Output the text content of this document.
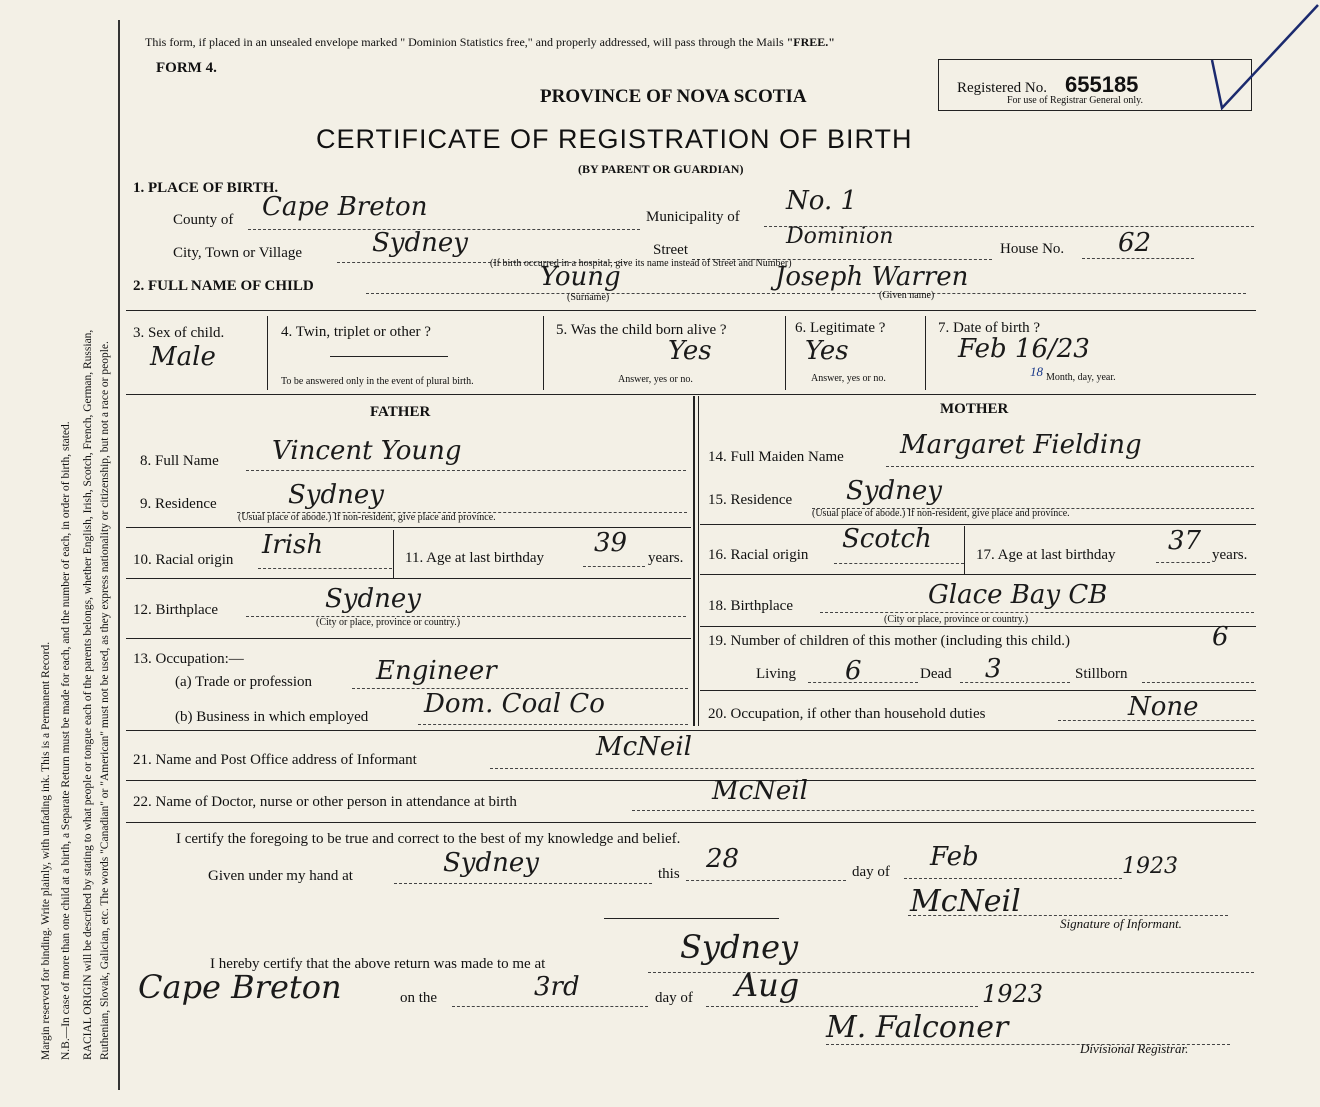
Margin reserved for binding. Write plainly, with unfading ink. This is a Permanent Record. N.B.—In case of more than one child at a birth, a Separate Return must be made for each, and the number of each, in order of birth, stated. RACIAL ORIGIN will be described by stating to what people or tongue each of the parents belongs, whether English, Irish, Scotch, French, German, Russian, Ruthenian, Slovak, Galician, etc. The words "Canadian" or "American" must not be used, as they express nationality or citizenship, but not a race or people.
This form, if placed in an unsealed envelope marked " Dominion Statistics free," and properly addressed, will pass through the Mails "FREE."
FORM 4.
PROVINCE OF NOVA SCOTIA
CERTIFICATE OF REGISTRATION OF BIRTH
(BY PARENT OR GUARDIAN)
Registered No. 655185
For use of Registrar General only.
1. PLACE OF BIRTH.
County of Cape Breton	Municipality of
No. 1
City, Town or Village	Sydney	Street
Dominion	House No. 62
(If birth occurred in a hospital, give its name instead of Street and Number)
2. FULL NAME OF CHILD	Young	Joseph Warren
(Surname)	(Given name)
3. Sex of child.
Male
4. Twin, triplet or other ?
To be answered only in the event of plural birth.
5. Was the child born alive ?
Yes
Answer, yes or no.
6. Legitimate ?
Yes
Answer, yes or no.
7. Date of birth ?
Feb 16/23
18 Month, day, year.
FATHER
8. Full Name Vincent Young
9. Residence	Sydney
(Usual place of abode.) If non-resident, give place and province.
10. Racial origin Irish	11. Age at last birthday 39 years.
12. Birthplace	Sydney
(City or place, province or country.)
13. Occupation:—
(a) Trade or profession Engineer
(b) Business in which employed Dom. Coal Co
MOTHER
14. Full Maiden Name Margaret Fielding
15. Residence Sydney
(Usual place of abode.) If non-resident, give place and province.
16. Racial origin
Scotch
17. Age at last birthday 37 years.
18. Birthplace	Glace Bay CB
(City or place, province or country.)
19. Number of children of this mother (including this child.)	6
Living 6	Dead 3	Stillborn
20. Occupation, if other than household duties	None
21. Name and Post Office address of Informant	McNeil
22. Name of Doctor, nurse or other person in attendance at birth	McNeil
I certify the foregoing to be true and correct to the best of my knowledge and belief.
Given under my hand at	Sydney	this 28	day of Feb	1923
McNeil
Signature of Informant.
I hereby certify that the above return was made to me at	Sydney
Cape Breton	on the	3rd	day of Aug	1923
M. Falconer
Divisional Registrar.
